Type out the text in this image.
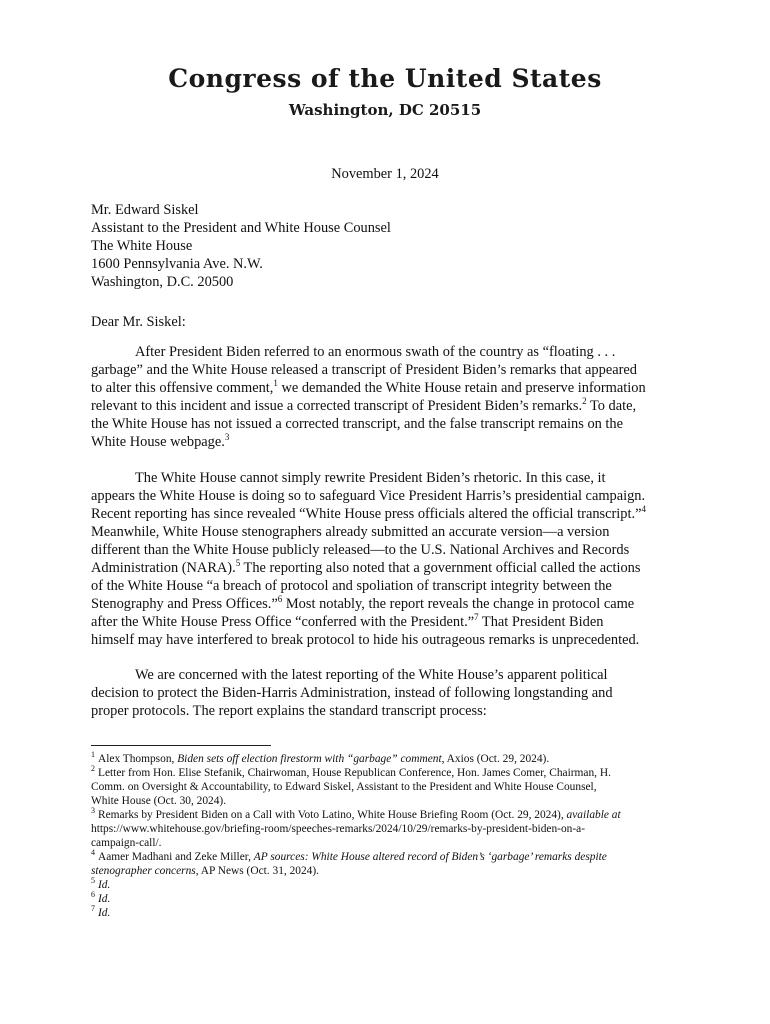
Congress of the United States
Washington, DC 20515
November 1, 2024
Mr. Edward Siskel
Assistant to the President and White House Counsel
The White House
1600 Pennsylvania Ave. N.W.
Washington, D.C. 20500
Dear Mr. Siskel:
After President Biden referred to an enormous swath of the country as “floating . . .
garbage” and the White House released a transcript of President Biden’s remarks that appeared
to alter this offensive comment,$^1$ we demanded the White House retain and preserve information
relevant to this incident and issue a corrected transcript of President Biden’s remarks.$^2$ To date,
the White House has not issued a corrected transcript, and the false transcript remains on the
White House webpage.$^3$
The White House cannot simply rewrite President Biden’s rhetoric. In this case, it
appears the White House is doing so to safeguard Vice President Harris’s presidential campaign.
Recent reporting has since revealed “White House press officials altered the official transcript.”$^4$
Meanwhile, White House stenographers already submitted an accurate version—a version
different than the White House publicly released—to the U.S. National Archives and Records
Administration (NARA).$^5$ The reporting also noted that a government official called the actions
of the White House “a breach of protocol and spoliation of transcript integrity between the
Stenography and Press Offices.”$^6$ Most notably, the report reveals the change in protocol came
after the White House Press Office “conferred with the President.”$^7$ That President Biden
himself may have interfered to break protocol to hide his outrageous remarks is unprecedented.
We are concerned with the latest reporting of the White House’s apparent political
decision to protect the Biden-Harris Administration, instead of following longstanding and
proper protocols. The report explains the standard transcript process:
$^1$ Alex Thompson, Biden sets off election firestorm with “garbage” comment, Axios (Oct. 29, 2024).
$^2$ Letter from Hon. Elise Stefanik, Chairwoman, House Republican Conference, Hon. James Comer, Chairman, H.
Comm. on Oversight & Accountability, to Edward Siskel, Assistant to the President and White House Counsel,
White House (Oct. 30, 2024).
$^3$ Remarks by President Biden on a Call with Voto Latino, White House Briefing Room (Oct. 29, 2024), available at
https://www.whitehouse.gov/briefing-room/speeches-remarks/2024/10/29/remarks-by-president-biden-on-a-
campaign-call/.
$^4$ Aamer Madhani and Zeke Miller, AP sources: White House altered record of Biden’s ‘garbage’ remarks despite
stenographer concerns, AP News (Oct. 31, 2024).
$^5$ Id.
$^6$ Id.
$^7$ Id.
